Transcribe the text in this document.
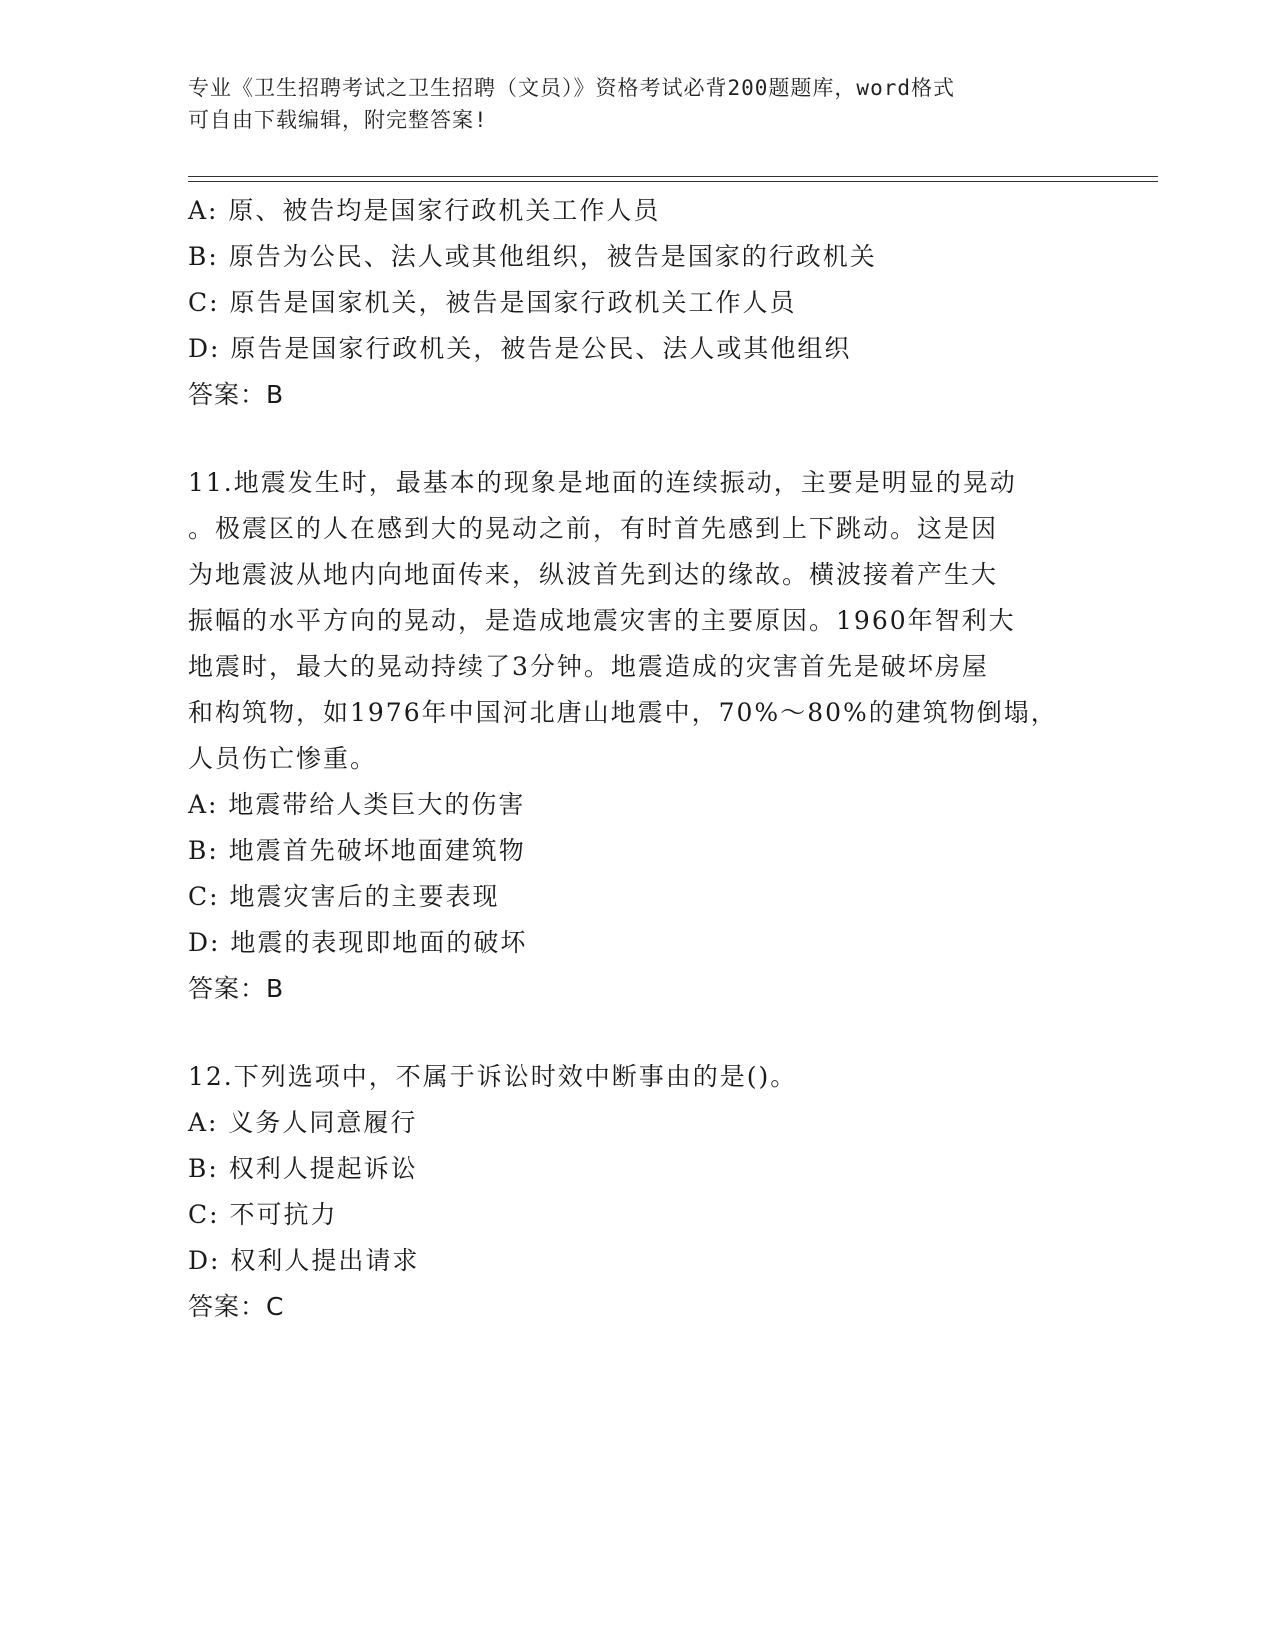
专业《卫生招聘考试之卫生招聘（文员）》资格考试必背200题题库，word格式
可自由下载编辑，附完整答案!
A: 原、被告均是国家行政机关工作人员
B: 原告为公民、法人或其他组织，被告是国家的行政机关
C: 原告是国家机关，被告是国家行政机关工作人员
D: 原告是国家行政机关，被告是公民、法人或其他组织
答案：B
11.地震发生时，最基本的现象是地面的连续振动，主要是明显的晃动
。极震区的人在感到大的晃动之前，有时首先感到上下跳动。这是因
为地震波从地内向地面传来，纵波首先到达的缘故。横波接着产生大
振幅的水平方向的晃动，是造成地震灾害的主要原因。1960年智利大
地震时，最大的晃动持续了3分钟。地震造成的灾害首先是破坏房屋
和构筑物，如1976年中国河北唐山地震中，70%～80%的建筑物倒塌，
人员伤亡惨重。
A: 地震带给人类巨大的伤害
B: 地震首先破坏地面建筑物
C: 地震灾害后的主要表现
D: 地震的表现即地面的破坏
答案：B
12.下列选项中，不属于诉讼时效中断事由的是()。
A: 义务人同意履行
B: 权利人提起诉讼
C: 不可抗力
D: 权利人提出请求
答案：C
